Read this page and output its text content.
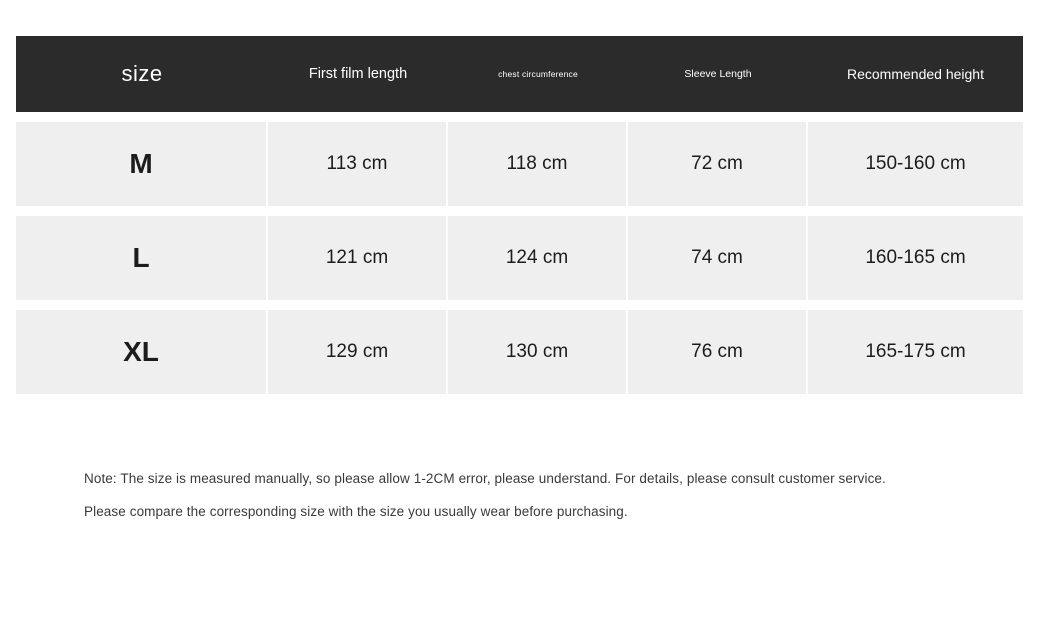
size	First film length	chest circumference	Sleeve Length	Recommended height

M	113 cm	118 cm	72 cm	150-160 cm

L	121 cm	124 cm	74 cm	160-165 cm

XL	129 cm	130 cm	76 cm	165-175 cm
Note: The size is measured manually, so please allow 1-2CM error, please understand. For details, please consult customer service. Please compare the corresponding size with the size you usually wear before purchasing.
